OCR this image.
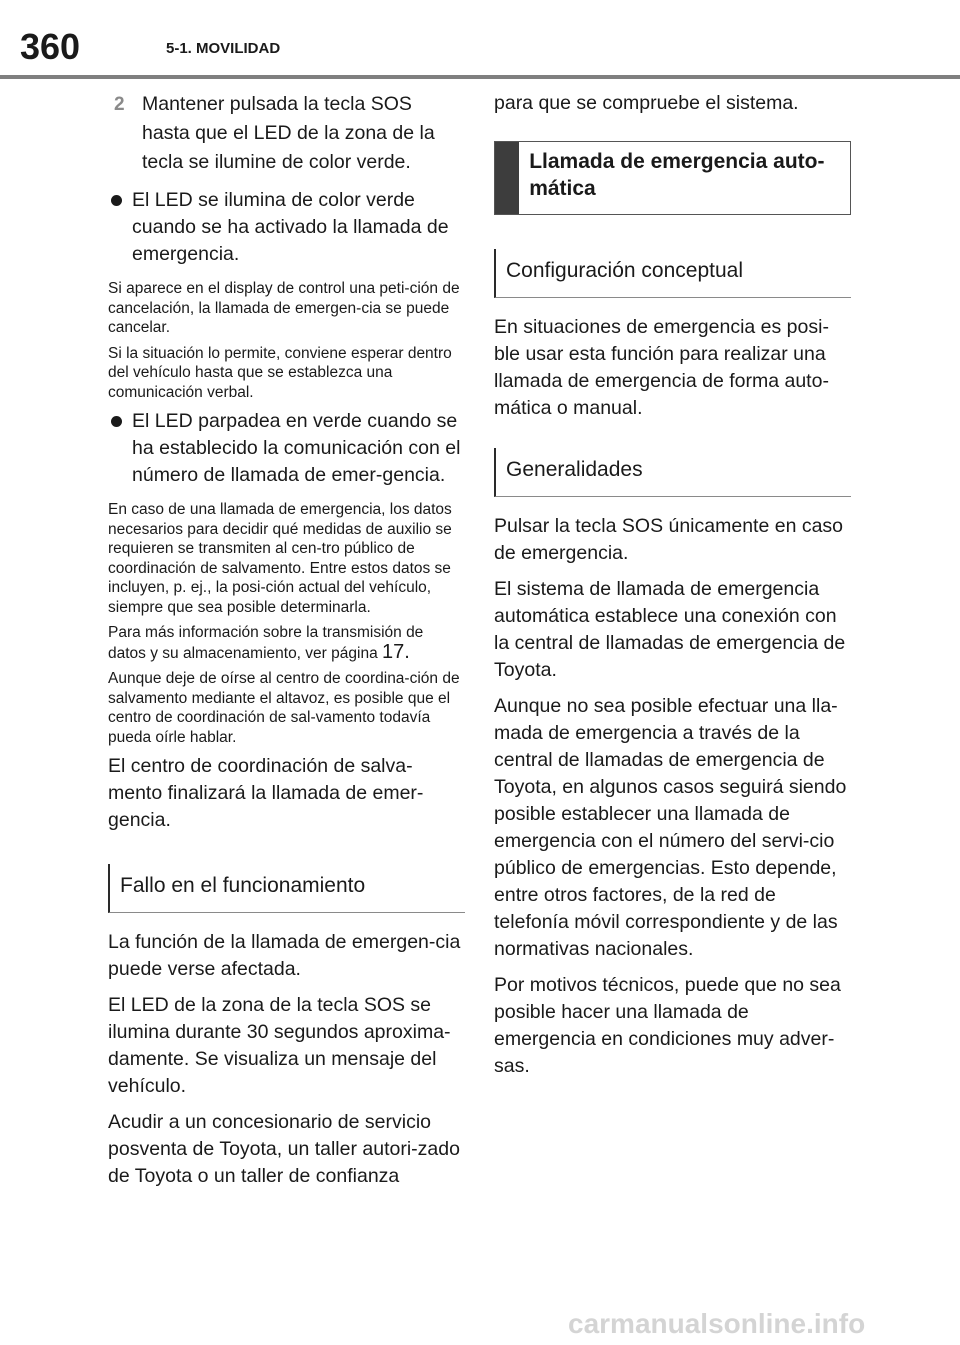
360	5-1. MOVILIDAD
2 Mantener pulsada la tecla SOS hasta que el LED de la zona de la tecla se ilumine de color verde.
El LED se ilumina de color verde cuando se ha activado la llamada de emergencia.

Si aparece en el display de control una peti-ción de cancelación, la llamada de emergen-cia se puede cancelar.

Si la situación lo permite, conviene esperar dentro del vehículo hasta que se establezca una comunicación verbal.

El LED parpadea en verde cuando se ha establecido la comunicación con el número de llamada de emer-gencia.

En caso de una llamada de emergencia, los datos necesarios para decidir qué medidas de auxilio se requieren se transmiten al cen-tro público de coordinación de salvamento. Entre estos datos se incluyen, p. ej., la posi-ción actual del vehículo, siempre que sea posible determinarla.

Para más información sobre la transmisión de datos y su almacenamiento, ver página 17.

Aunque deje de oírse al centro de coordina-ción de salvamento mediante el altavoz, es posible que el centro de coordinación de sal-vamento todavía pueda oírle hablar.

El centro de coordinación de salva-mento finalizará la llamada de emer-gencia.

Fallo en el funcionamiento

La función de la llamada de emergen-cia puede verse afectada.

El LED de la zona de la tecla SOS se ilumina durante 30 segundos aproxima-damente. Se visualiza un mensaje del vehículo.

Acudir a un concesionario de servicio posventa de Toyota, un taller autori-zado de Toyota o un taller de confianza

para que se compruebe el sistema.

Llamada de emergencia auto-mática
Configuración conceptual

En situaciones de emergencia es posi-ble usar esta función para realizar una llamada de emergencia de forma auto-mática o manual.

Generalidades

Pulsar la tecla SOS únicamente en caso de emergencia.

El sistema de llamada de emergencia automática establece una conexión con la central de llamadas de emergencia de Toyota.

Aunque no sea posible efectuar una lla-mada de emergencia a través de la central de llamadas de emergencia de Toyota, en algunos casos seguirá siendo posible establecer una llamada de emergencia con el número del servi-cio público de emergencias. Esto depende, entre otros factores, de la red de telefonía móvil correspondiente y de las normativas nacionales.

Por motivos técnicos, puede que no sea posible hacer una llamada de emergencia en condiciones muy adver-sas.

carmanualsonline.info
